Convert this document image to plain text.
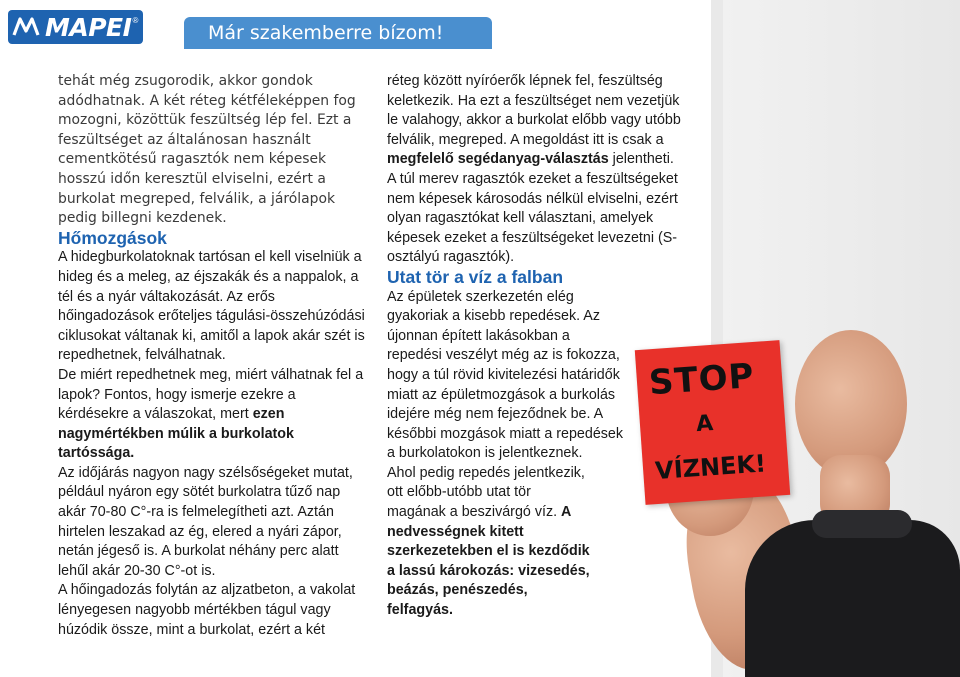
MAPEI ®
Már szakemberre bízom!
STOP
A
VÍZNEK!

tehát még zsugorodik, akkor gondok adódhatnak. A két réteg kétféleképpen fog mozogni, közöttük feszültség lép fel. Ezt a feszültséget az általánosan használt cementkötésű ragasztók nem képesek hosszú időn keresztül elviselni, ezért a burkolat megreped, felválik, a járólapok pedig billegni kezdenek.

Hőmozgások

A hidegburkolatoknak tartósan el kell viselniük a hideg és a meleg, az éjszakák és a nappalok, a tél és a nyár váltakozását. Az erős hőingadozások erőteljes tágulási-összehúzódási ciklusokat váltanak ki, amitől a lapok akár szét is repedhetnek, felválhatnak.

De miért repedhetnek meg, miért válhatnak fel a lapok? Fontos, hogy ismerje ezekre a kérdésekre a válaszokat, mert ezen nagymértékben múlik a burkolatok tartóssága.

Az időjárás nagyon nagy szélsőségeket mutat, például nyáron egy sötét burkolatra tűző nap akár 70-80 C°-ra is felmelegítheti azt. Aztán hirtelen leszakad az ég, elered a nyári zápor, netán jégeső is. A burkolat néhány perc alatt lehűl akár 20-30 C°-ot is.

A hőingadozás folytán az aljzatbeton, a vakolat lényegesen nagyobb mértékben tágul vagy húzódik össze, mint a burkolat, ezért a két

réteg között nyíróerők lépnek fel, feszültség keletkezik. Ha ezt a feszültséget nem vezetjük le valahogy, akkor a burkolat előbb vagy utóbb felválik, megreped. A megoldást itt is csak a megfelelő segédanyag-választás jelentheti.

A túl merev ragasztók ezeket a feszültségeket nem képesek károsodás nélkül elviselni, ezért olyan ragasztókat kell választani, amelyek képesek ezeket a feszültségeket levezetni (S-osztályú ragasztók).

Utat tör a víz a falban

Az épületek szerkezetén elég gyakoriak a kisebb repedések. Az újonnan épített lakásokban a repedési veszélyt még az is fokozza, hogy a túl rövid kivitelezési határidők miatt az épületmozgások a burkolás idejére még nem fejeződnek be. A későbbi mozgások miatt a repedések a burkolatokon is jelentkeznek.

Ahol pedig repedés jelentkezik, ott előbb-utóbb utat tör magának a beszivárgó víz. A nedvességnek kitett szerkezetekben el is kezdődik a lassú károkozás: vizesedés, beázás, penészedés, felfagyás.
